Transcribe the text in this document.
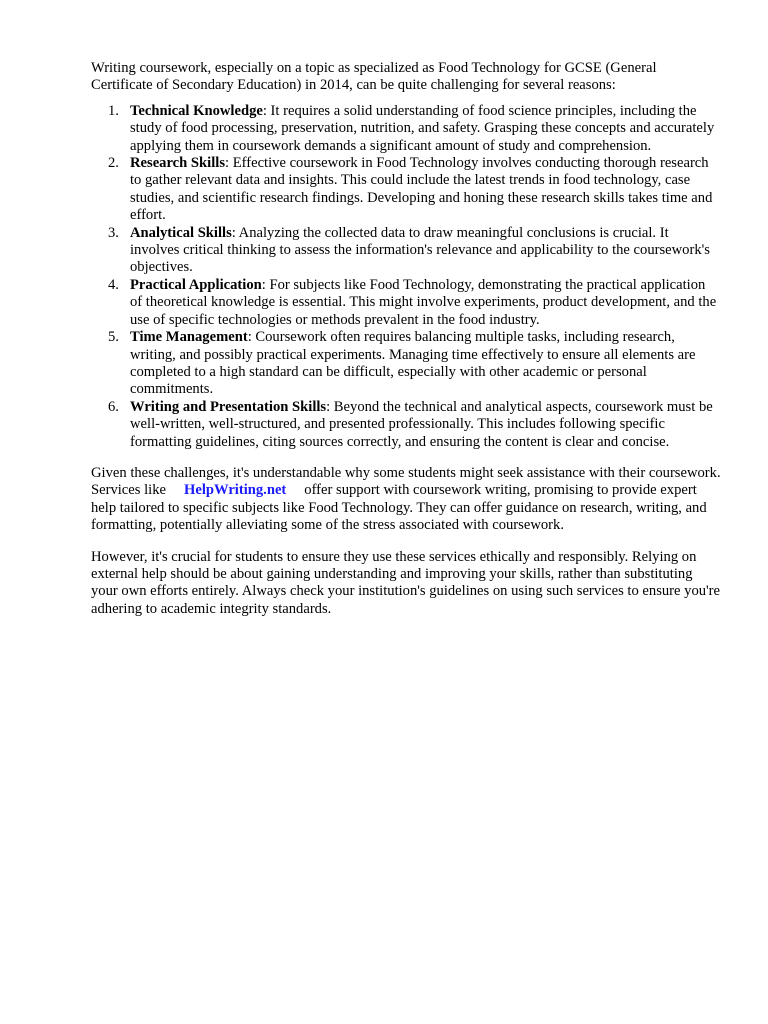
Writing coursework, especially on a topic as specialized as Food Technology for GCSE (General Certificate of Secondary Education) in 2014, can be quite challenging for several reasons:

1. Technical Knowledge: It requires a solid understanding of food science principles, including the study of food processing, preservation, nutrition, and safety. Grasping these concepts and accurately applying them in coursework demands a significant amount of study and comprehension.
2. Research Skills: Effective coursework in Food Technology involves conducting thorough research to gather relevant data and insights. This could include the latest trends in food technology, case studies, and scientific research findings. Developing and honing these research skills takes time and effort.
3. Analytical Skills: Analyzing the collected data to draw meaningful conclusions is crucial. It involves critical thinking to assess the information's relevance and applicability to the coursework's objectives.
4. Practical Application: For subjects like Food Technology, demonstrating the practical application of theoretical knowledge is essential. This might involve experiments, product development, and the use of specific technologies or methods prevalent in the food industry.
5. Time Management: Coursework often requires balancing multiple tasks, including research, writing, and possibly practical experiments. Managing time effectively to ensure all elements are completed to a high standard can be difficult, especially with other academic or personal commitments.
6. Writing and Presentation Skills: Beyond the technical and analytical aspects, coursework must be well-written, well-structured, and presented professionally. This includes following specific formatting guidelines, citing sources correctly, and ensuring the content is clear and concise.

Given these challenges, it's understandable why some students might seek assistance with their coursework. Services like HelpWriting.net offer support with coursework writing, promising to provide expert help tailored to specific subjects like Food Technology. They can offer guidance on research, writing, and formatting, potentially alleviating some of the stress associated with coursework.

However, it's crucial for students to ensure they use these services ethically and responsibly. Relying on external help should be about gaining understanding and improving your skills, rather than substituting your own efforts entirely. Always check your institution's guidelines on using such services to ensure you're adhering to academic integrity standards.
